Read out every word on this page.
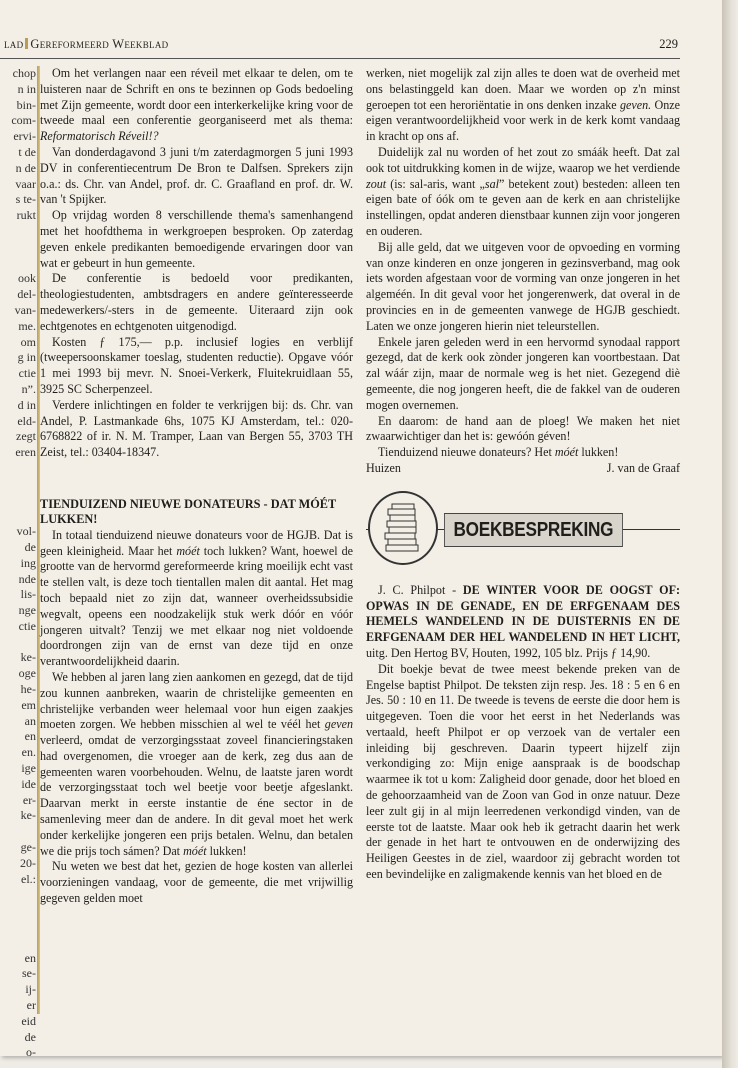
lad Gereformeerd Weekblad	229
chop
n in
bin-
com-
ervi-
t de
n de
vaar
s te-
rukt
ook
del-
van-
me.
om
g in
ctie
n”.
d in
eld-
zegt
eren
vol-
de
ing
nde
lis-
nge
ctie
ke-
oge
he-
em
an
en
en.
ige
ide
er-
ke-
ge-
20-
el.:
en
se-
ij-
er
eid
de
o-

Om het verlangen naar een réveil met elkaar te delen, om te luisteren naar de Schrift en ons te bezinnen op Gods bedoeling met Zijn gemeente, wordt door een interkerkelijke kring voor de tweede maal een conferentie georganiseerd met als thema: Reformatorisch Réveil!?

Van donderdagavond 3 juni t/m zaterdagmorgen 5 juni 1993 DV in conferentiecentrum De Bron te Dalfsen. Sprekers zijn o.a.: ds. Chr. van Andel, prof. dr. C. Graafland en prof. dr. W. van 't Spijker.

Op vrijdag worden 8 verschillende thema's samenhangend met het hoofdthema in werkgroepen besproken. Op zaterdag geven enkele predikanten bemoedigende ervaringen door van wat er gebeurt in hun gemeente.

De conferentie is bedoeld voor predikanten, theologiestudenten, ambtsdragers en andere geïnteresseerde medewerkers/-sters in de gemeente. Uiteraard zijn ook echtgenotes en echtgenoten uitgenodigd.

Kosten ƒ 175,— p.p. inclusief logies en verblijf (tweepersoonskamer toeslag, studenten reductie). Opgave vóór 1 mei 1993 bij mevr. N. Snoei-Verkerk, Fluitekruidlaan 55, 3925 SC Scherpenzeel.

Verdere inlichtingen en folder te verkrijgen bij: ds. Chr. van Andel, P. Lastmankade 6hs, 1075 KJ Amsterdam, tel.: 020-6768822 of ir. N. M. Tramper, Laan van Bergen 55, 3703 TH Zeist, tel.: 03404-18347.

TIENDUIZEND NIEUWE DONATEURS - DAT MÓÉT LUKKEN!

In totaal tienduizend nieuwe donateurs voor de HGJB. Dat is geen kleinigheid. Maar het móét toch lukken? Want, hoewel de grootte van de hervormd gereformeerde kring moeilijk echt vast te stellen valt, is deze toch tientallen malen dit aantal. Het mag toch bepaald niet zo zijn dat, wanneer overheidssubsidie wegvalt, opeens een noodzakelijk stuk werk dóór en vóór jongeren uitvalt? Tenzij we met elkaar nog niet voldoende doordrongen zijn van de ernst van deze tijd en onze verantwoordelijkheid daarin.

We hebben al jaren lang zien aankomen en gezegd, dat de tijd zou kunnen aanbreken, waarin de christelijke gemeenten en christelijke verbanden weer helemaal voor hun eigen zaakjes moeten zorgen. We hebben misschien al wel te véél het geven verleerd, omdat de verzorgingsstaat zoveel financieringstaken had overgenomen, die vroeger aan de kerk, zeg dus aan de gemeenten waren voorbehouden. Welnu, de laatste jaren wordt de verzorgingsstaat toch wel beetje voor beetje afgeslankt. Daarvan merkt in eerste instantie de éne sector in de samenleving meer dan de andere. In dit geval moet het werk onder kerkelijke jongeren een prijs betalen. Welnu, dan betalen we die prijs toch sámen? Dat móét lukken!

Nu weten we best dat het, gezien de hoge kosten van allerlei voorzieningen vandaag, voor de gemeente, die met vrijwillig gegeven gelden moet

werken, niet mogelijk zal zijn alles te doen wat de overheid met ons belastinggeld kan doen. Maar we worden op z'n minst geroepen tot een heroriëntatie in ons denken inzake geven. Onze eigen verantwoordelijkheid voor werk in de kerk komt vandaag in kracht op ons af.

Duidelijk zal nu worden of het zout zo smáák heeft. Dat zal ook tot uitdrukking komen in de wijze, waarop we het verdiende zout (is: sal-aris, want „sal” betekent zout) besteden: alleen ten eigen bate of óók om te geven aan de kerk en aan christelijke instellingen, opdat anderen dienstbaar kunnen zijn voor jongeren en ouderen.

Bij alle geld, dat we uitgeven voor de opvoeding en vorming van onze kinderen en onze jongeren in gezinsverband, mag ook iets worden afgestaan voor de vorming van onze jongeren in het algeméén. In dit geval voor het jongerenwerk, dat overal in de provincies en in de gemeenten vanwege de HGJB geschiedt. Laten we onze jongeren hierin niet teleurstellen.

Enkele jaren geleden werd in een hervormd synodaal rapport gezegd, dat de kerk ook zònder jongeren kan voortbestaan. Dat zal wáár zijn, maar de normale weg is het niet. Gezegend diè gemeente, die nog jongeren heeft, die de fakkel van de ouderen mogen overnemen.

En daarom: de hand aan de ploeg! We maken het niet zwaarwichtiger dan het is: gewóón géven!

Tienduizend nieuwe donateurs? Het móét lukken!

Huizen	J. van de Graaf
BOEKBESPREKING

J. C. Philpot - DE WINTER VOOR DE OOGST OF: OPWAS IN DE GENADE, EN DE ERFGENAAM DES HEMELS WANDELEND IN DE DUISTERNIS EN DE ERFGENAAM DER HEL WANDELEND IN HET LICHT, uitg. Den Hertog BV, Houten, 1992, 105 blz. Prijs ƒ 14,90.

Dit boekje bevat de twee meest bekende preken van de Engelse baptist Philpot. De teksten zijn resp. Jes. 18 : 5 en 6 en Jes. 50 : 10 en 11. De tweede is tevens de eerste die door hem is uitgegeven. Toen die voor het eerst in het Nederlands was vertaald, heeft Philpot er op verzoek van de vertaler een inleiding bij geschreven. Daarin typeert hijzelf zijn verkondiging zo: Mijn enige aanspraak is de boodschap waarmee ik tot u kom: Zaligheid door genade, door het bloed en de gehoorzaamheid van de Zoon van God in onze natuur. Deze leer zult gij in al mijn leerredenen verkondigd vinden, van de eerste tot de laatste. Maar ook heb ik getracht daarin het werk der genade in het hart te ontvouwen en de onderwijzing des Heiligen Geestes in de ziel, waardoor zij gebracht worden tot een bevindelijke en zaligmakende kennis van het bloed en de
